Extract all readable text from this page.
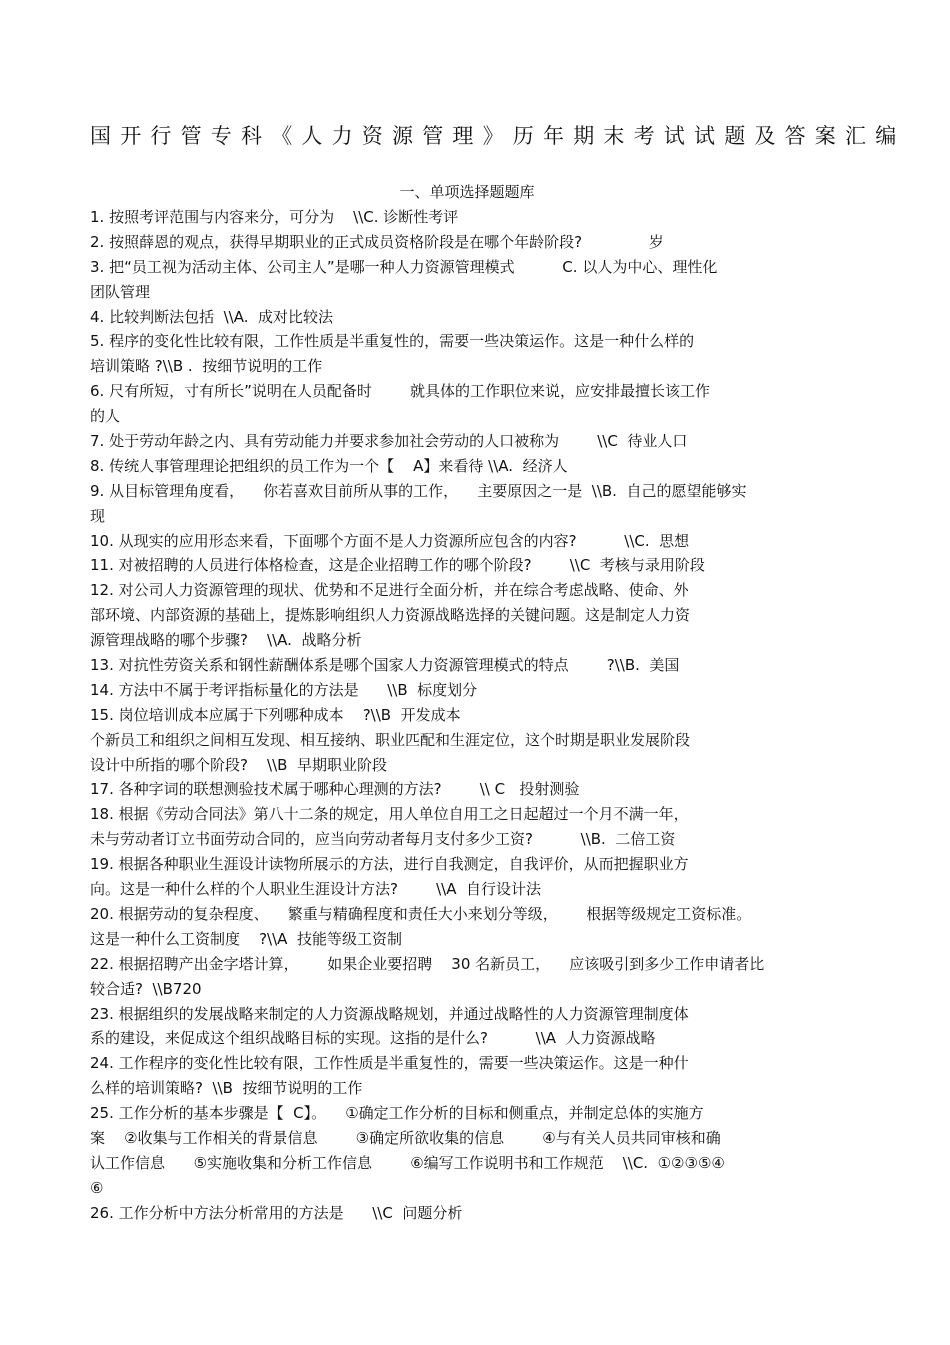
国开行管专科《人力资源管理》历年期末考试试题及答案汇编
一、单项选择题题库
1. 按照考评范围与内容来分，可分为    \\C. 诊断性考评
2. 按照薛恩的观点，获得早期职业的正式成员资格阶段是在哪个年龄阶段?              岁
3. 把“员工视为活动主体、公司主人”是哪一种人力资源管理模式          C. 以人为中心、理性化
团队管理
4. 比较判断法包括  \\A.  成对比较法
5. 程序的变化性比较有限，工作性质是半重复性的，需要一些决策运作。这是一种什么样的
培训策略 ?\\B .  按细节说明的工作
6. 尺有所短，寸有所长”说明在人员配备时        就具体的工作职位来说，应安排最擅长该工作
的人
7. 处于劳动年龄之内、具有劳动能力并要求参加社会劳动的人口被称为        \\C  待业人口
8. 传统人事管理理论把组织的员工作为一个【    A】来看待 \\A.  经济人
9. 从目标管理角度看，    你若喜欢目前所从事的工作，    主要原因之一是  \\B.  自己的愿望能够实
现
10. 从现实的应用形态来看，下面哪个方面不是人力资源所应包含的内容?          \\C.  思想
11. 对被招聘的人员进行体格检查，这是企业招聘工作的哪个阶段?        \\C  考核与录用阶段
12. 对公司人力资源管理的现状、优势和不足进行全面分析，并在综合考虑战略、使命、外
部环境、内部资源的基础上，提炼影响组织人力资源战略选择的关键问题。这是制定人力资
源管理战略的哪个步骤?    \\A.  战略分析
13. 对抗性劳资关系和钢性薪酬体系是哪个国家人力资源管理模式的特点        ?\\B.  美国
14. 方法中不属于考评指标量化的方法是      \\B  标度划分
15. 岗位培训成本应属于下列哪种成本    ?\\B  开发成本
个新员工和组织之间相互发现、相互接纳、职业匹配和生涯定位，这个时期是职业发展阶段
设计中所指的哪个阶段?    \\B  早期职业阶段
17. 各种字词的联想测验技术属于哪种心理测的方法?        \\ C   投射测验
18. 根据《劳动合同法》第八十二条的规定，用人单位自用工之日起超过一个月不满一年，
未与劳动者订立书面劳动合同的，应当向劳动者每月支付多少工资?          \\B.  二倍工资
19. 根据各种职业生涯设计读物所展示的方法，进行自我测定，自我评价，从而把握职业方
向。这是一种什么样的个人职业生涯设计方法?        \\A  自行设计法
20. 根据劳动的复杂程度、    繁重与精确程度和责任大小来划分等级，      根据等级规定工资标准。
这是一种什么工资制度    ?\\A  技能等级工资制
22. 根据招聘产出金字塔计算，      如果企业要招聘    30 名新员工，    应该吸引到多少工作申请者比
较合适?  \\B720
23. 根据组织的发展战略来制定的人力资源战略规划，并通过战略性的人力资源管理制度体
系的建设，来促成这个组织战略目标的实现。这指的是什么?          \\A  人力资源战略
24. 工作程序的变化性比较有限，工作性质是半重复性的，需要一些决策运作。这是一种什
么样的培训策略?  \\B  按细节说明的工作
25. 工作分析的基本步骤是【  C】。    ①确定工作分析的目标和侧重点，并制定总体的实施方
案    ②收集与工作相关的背景信息        ③确定所欲收集的信息        ④与有关人员共同审核和确
认工作信息      ⑤实施收集和分析工作信息        ⑥编写工作说明书和工作规范    \\C.  ①②③⑤④
⑥
26. 工作分析中方法分析常用的方法是      \\C  问题分析
